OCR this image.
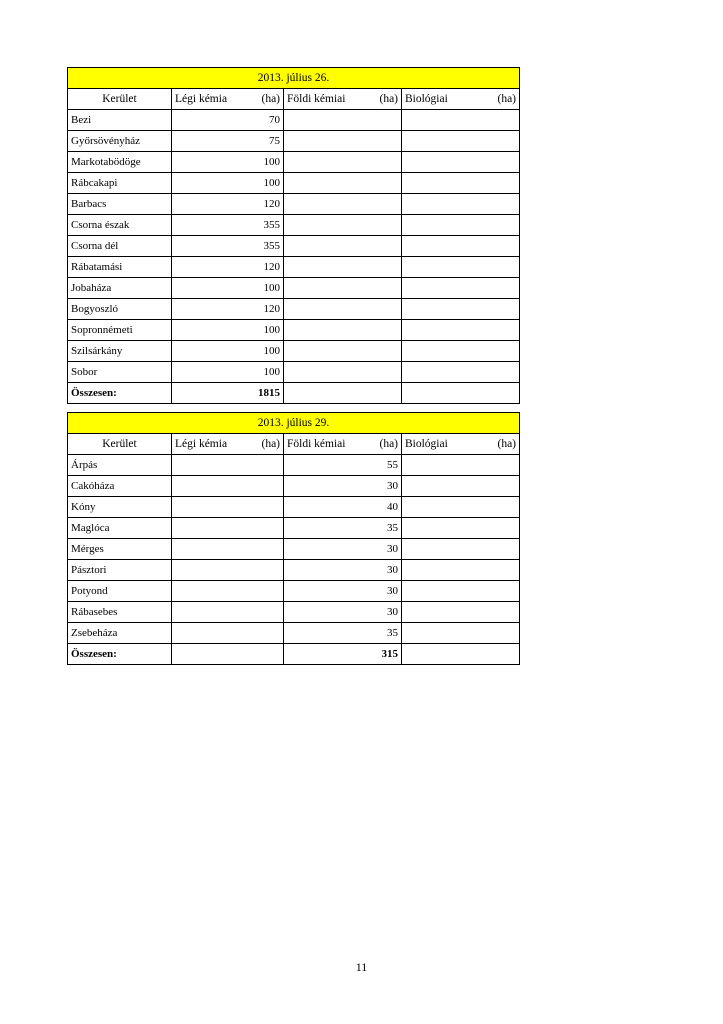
2013. július 26.			
Kerület	Légi kémia (ha)	Földi kémiai (ha)	Biológiai (ha)

Bezi	70		
Győrsövényház	75		
Markotabödöge	100		
Rábcakapi	100		
Barbacs	120		
Csorna észak	355		
Csorna dél	355		
Rábatamási	120		
Jobaháza	100		
Bogyoszló	120		
Sopronnémeti	100		
Szilsárkány	100		
Sobor	100		
Összesen:	1815		
2013. július 29.			
Kerület	Légi kémia (ha)	Földi kémiai (ha)	Biológiai (ha)

Árpás		55	
Cakóháza		30	
Kóny		40	
Maglóca		35	
Mérges		30	
Pásztori		30	
Potyond		30	
Rábasebes		30	
Zsebeháza		35	
Összesen:		315	
11
